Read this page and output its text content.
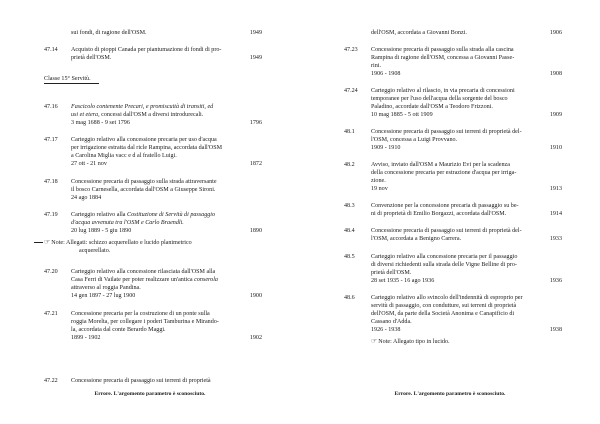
sui fondi, di ragione dell'OSM.	1949
47.14 Acquisto di pioppi Canada per piantumazione di fondi di pro-
prietà dell'OSM.	1949
Classe 15° Servitù.
47.16 Fascicolo contenente Precari, e promiscuità di transiti, ed
usi et etera, concessi dall'OSM a diversi introdurecali.
3 mag 1688 - 9 set 1796	1796
47.17 Carteggio relativo alla concessione precaria per uso d'acqua
per irrigazione estratta dal ricle Rampina, accordata dall'OSM
a Carolina Miglia vacc e d al fratello Luigi.
27 ott - 21 nov	1872
47.18 Concessione precaria di passaggio sulla strada attraversante
il bosco Carnesella, accordata dall'OSM a Giuseppe Sironi.
24 ago 1884
47.19 Carteggio relativo alla Costituzione di Servitù di passaggio
d'acqua avvenuta tra l'OSM e Carlo Braendli.
20 lug 1889 - 5 giu 1890	1890
☞Note: Allegati: schizzo acquerellato e lucido planimetrico
acquerellato.
47.20 Carteggio relativo alla concessione rilasciata dall'OSM alla
Casa Ferri di Vailate per poter realizzare un'antica conserola
attraverso al roggia Pandina.
14 gen 1897 - 27 lug 1900	1900
47.21 Concessione precaria per la costruzione di un ponte sulla
roggia Morelta, per collegare i poderi Tamburina e Mirando-
la, accordata dal conte Berardo Maggi.
1899 - 1902	1902
47.22 Concessione precaria di passaggio sui terreni di proprietà
Errore. L'argomento parametro è sconosciuto.
dell'OSM, accordata a Giovanni Bonzi.	1906
47.23 Concessione precaria di passaggio sulla strada alla cascina
Rampina di ragione dell'OSM, concessa a Giovanni Passe-
rini.
1906 - 1908	1908
47.24 Carteggio relativo al rilascio, in via precaria di concessioni
temporanee per l'uso dell'acqua della sorgente del bosco
Paladino, accordate dall'OSM a Teodoro Frizzoni.
10 mag 1885 - 5 ott 1909	1909
48.1	Concessione precaria di passaggio sui terreni di proprietà del-
l'OSM, concessa a Luigi Provvano.
1909 - 1910	1910
48.2	Avviso, inviato dall'OSM a Maurizio Evi per la scadenza
della concessione precaria per estrazione d'acqua per irriga-
zione.
19 nov	1913
48.3	Convenzione per la concessione precaria di passaggio su be-
ni di proprietà di Emilio Borgazzi, accordata dall'OSM.	1914
48.4	Concessione precaria di passaggio sui terreni di proprietà del-
l'OSM, accordata a Benigno Carrera.	1933
48.5	Carteggio relativo alla concessione precaria per il passaggio
di diversi richiedenti sulla strada delle Vigne Belline di pro-
prietà dell'OSM.
28 set 1935 - 16 ago 1936	1936
48.6	Carteggio relativo allo svincolo dell'indennità di esproprio per
servitù di passaggio, con condutture, sui terreni di proprietà
dell'OSM, da parte della Società Anonima e Canapificio di
Cassano d'Adda.
1926 - 1938	1938
☞Note: Allegato tipo in lucido.
Errore. L'argomento parametro è sconosciuto.
